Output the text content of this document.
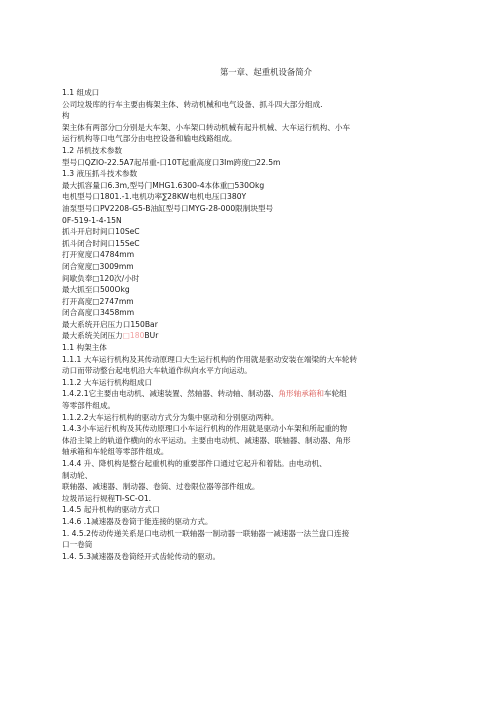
第一章、起重机设备简介
1.1 组成口
公司垃圾库的行车主要由梅架主体、转动机械和电气设备、抓斗四大部分组成.
构
架主体有两部分□分别是大车架、小车架口转动机械有起升机械、大车运行机构、小车
运行机构等口电气部分由电控设备和输电线路组成。
1.2 吊机技术参数
型号口QZlO-22.5A7起吊重-口10T起重高度口3Im跨度□22.5m
1.3 液压抓斗技术参数
最大抓容量口6.3m,型号门MHG1.6300-4本体重□530Okg
电机型号口1801.-1.电机功率∑28KW电机电压口380Y
油泵型号口PV2208-G5-B油缸型号口MYG-28-000限制块型号
0F-519-1-4-15N
抓斗开启时间口10SeC
抓斗闭合时间口15SeC
打开宽度口4784mm
闭合宽度□3009mm
间歇负奉□120次/小时
最大抓至口500Okg
打开高度□2747mm
闭合高度口3458mm
最大系统开启压力口150Bar
最大系统关闭压力□180BUr
1.1 构架主体
1.1.1 大车运行机构及其传动原理口大生运行机构的作用就是驱动安装在端梁的大车轮转
动口而带动整台起电机沿大车轨道作纵向水平方向运动。
1.1.2 大车运行机构组成口
1.4.2.1它主要由电动机、减速装置、然轴器、转动轴、制动器、角形轴承箱和车轮组
等零部件组成。
1.1.2.2大车运行机构的驱动方式分为集中驱动和分别驱动两种。
1.4.3小车运行机构及其传动原理口小车运行机构的作用就是驱动小车架和所起重的物
体沿主梁上的轨道作横向的水平运动。主要由电动机、减速器、联轴器、制动器、角形
轴承箱和车轮组等零部件组成。
1.4.4 升、降机构是整台起重机构的重要部件口通过它起升和着陆。由电动机、
制动轮、
联轴器、减速器、制动器、卷筒、过卷限位器等部件组成。
垃圾吊运行规程TI-SC-O1.
1.4.5 起升机构的驱动方式口
1.4.6 .1减速器及卷筒于能连接的驱动方式。
1. 4.5.2传动传递关系是口电动机一联轴器一制动器一联轴器一减速器一法兰盘口连接
口一卷筒
1.4. 5.3减速器及卷筒经开式齿轮传动的驱动。
